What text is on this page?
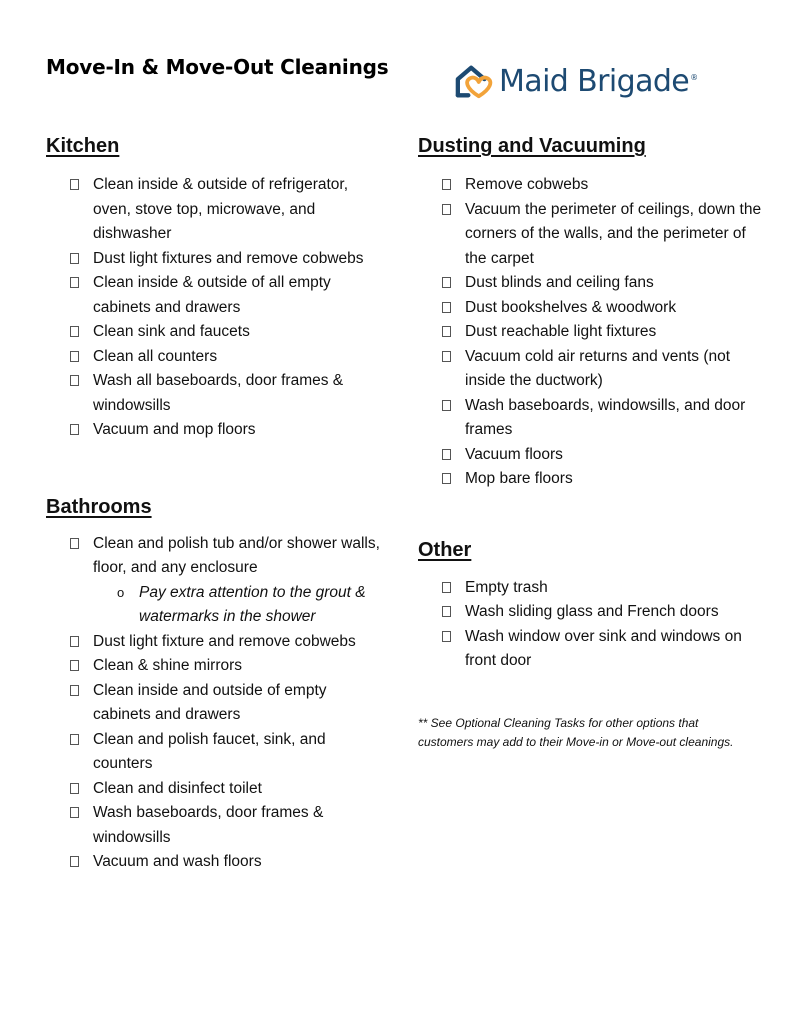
Move-In & Move-Out Cleanings	Maid Brigade®
Kitchen
Clean inside & outside of refrigerator, oven, stove top, microwave, and dishwasher
Dust light fixtures and remove cobwebs
Clean inside & outside of all empty cabinets and drawers
Clean sink and faucets
Clean all counters
Wash all baseboards, door frames & windowsills
Vacuum and mop floors
Bathrooms
Clean and polish tub and/or shower walls, floor, and any enclosure
o Pay extra attention to the grout & watermarks in the shower
Dust light fixture and remove cobwebs
Clean & shine mirrors
Clean inside and outside of empty cabinets and drawers
Clean and polish faucet, sink, and counters
Clean and disinfect toilet
Wash baseboards, door frames & windowsills
Vacuum and wash floors
Dusting and Vacuuming
Remove cobwebs
Vacuum the perimeter of ceilings, down the corners of the walls, and the perimeter of the carpet
Dust blinds and ceiling fans
Dust bookshelves & woodwork
Dust reachable light fixtures
Vacuum cold air returns and vents (not inside the ductwork)
Wash baseboards, windowsills, and door frames
Vacuum floors
Mop bare floors
Other
Empty trash
Wash sliding glass and French doors
Wash window over sink and windows on front door
** See Optional Cleaning Tasks for other options that customers may add to their Move-in or Move-out cleanings.
